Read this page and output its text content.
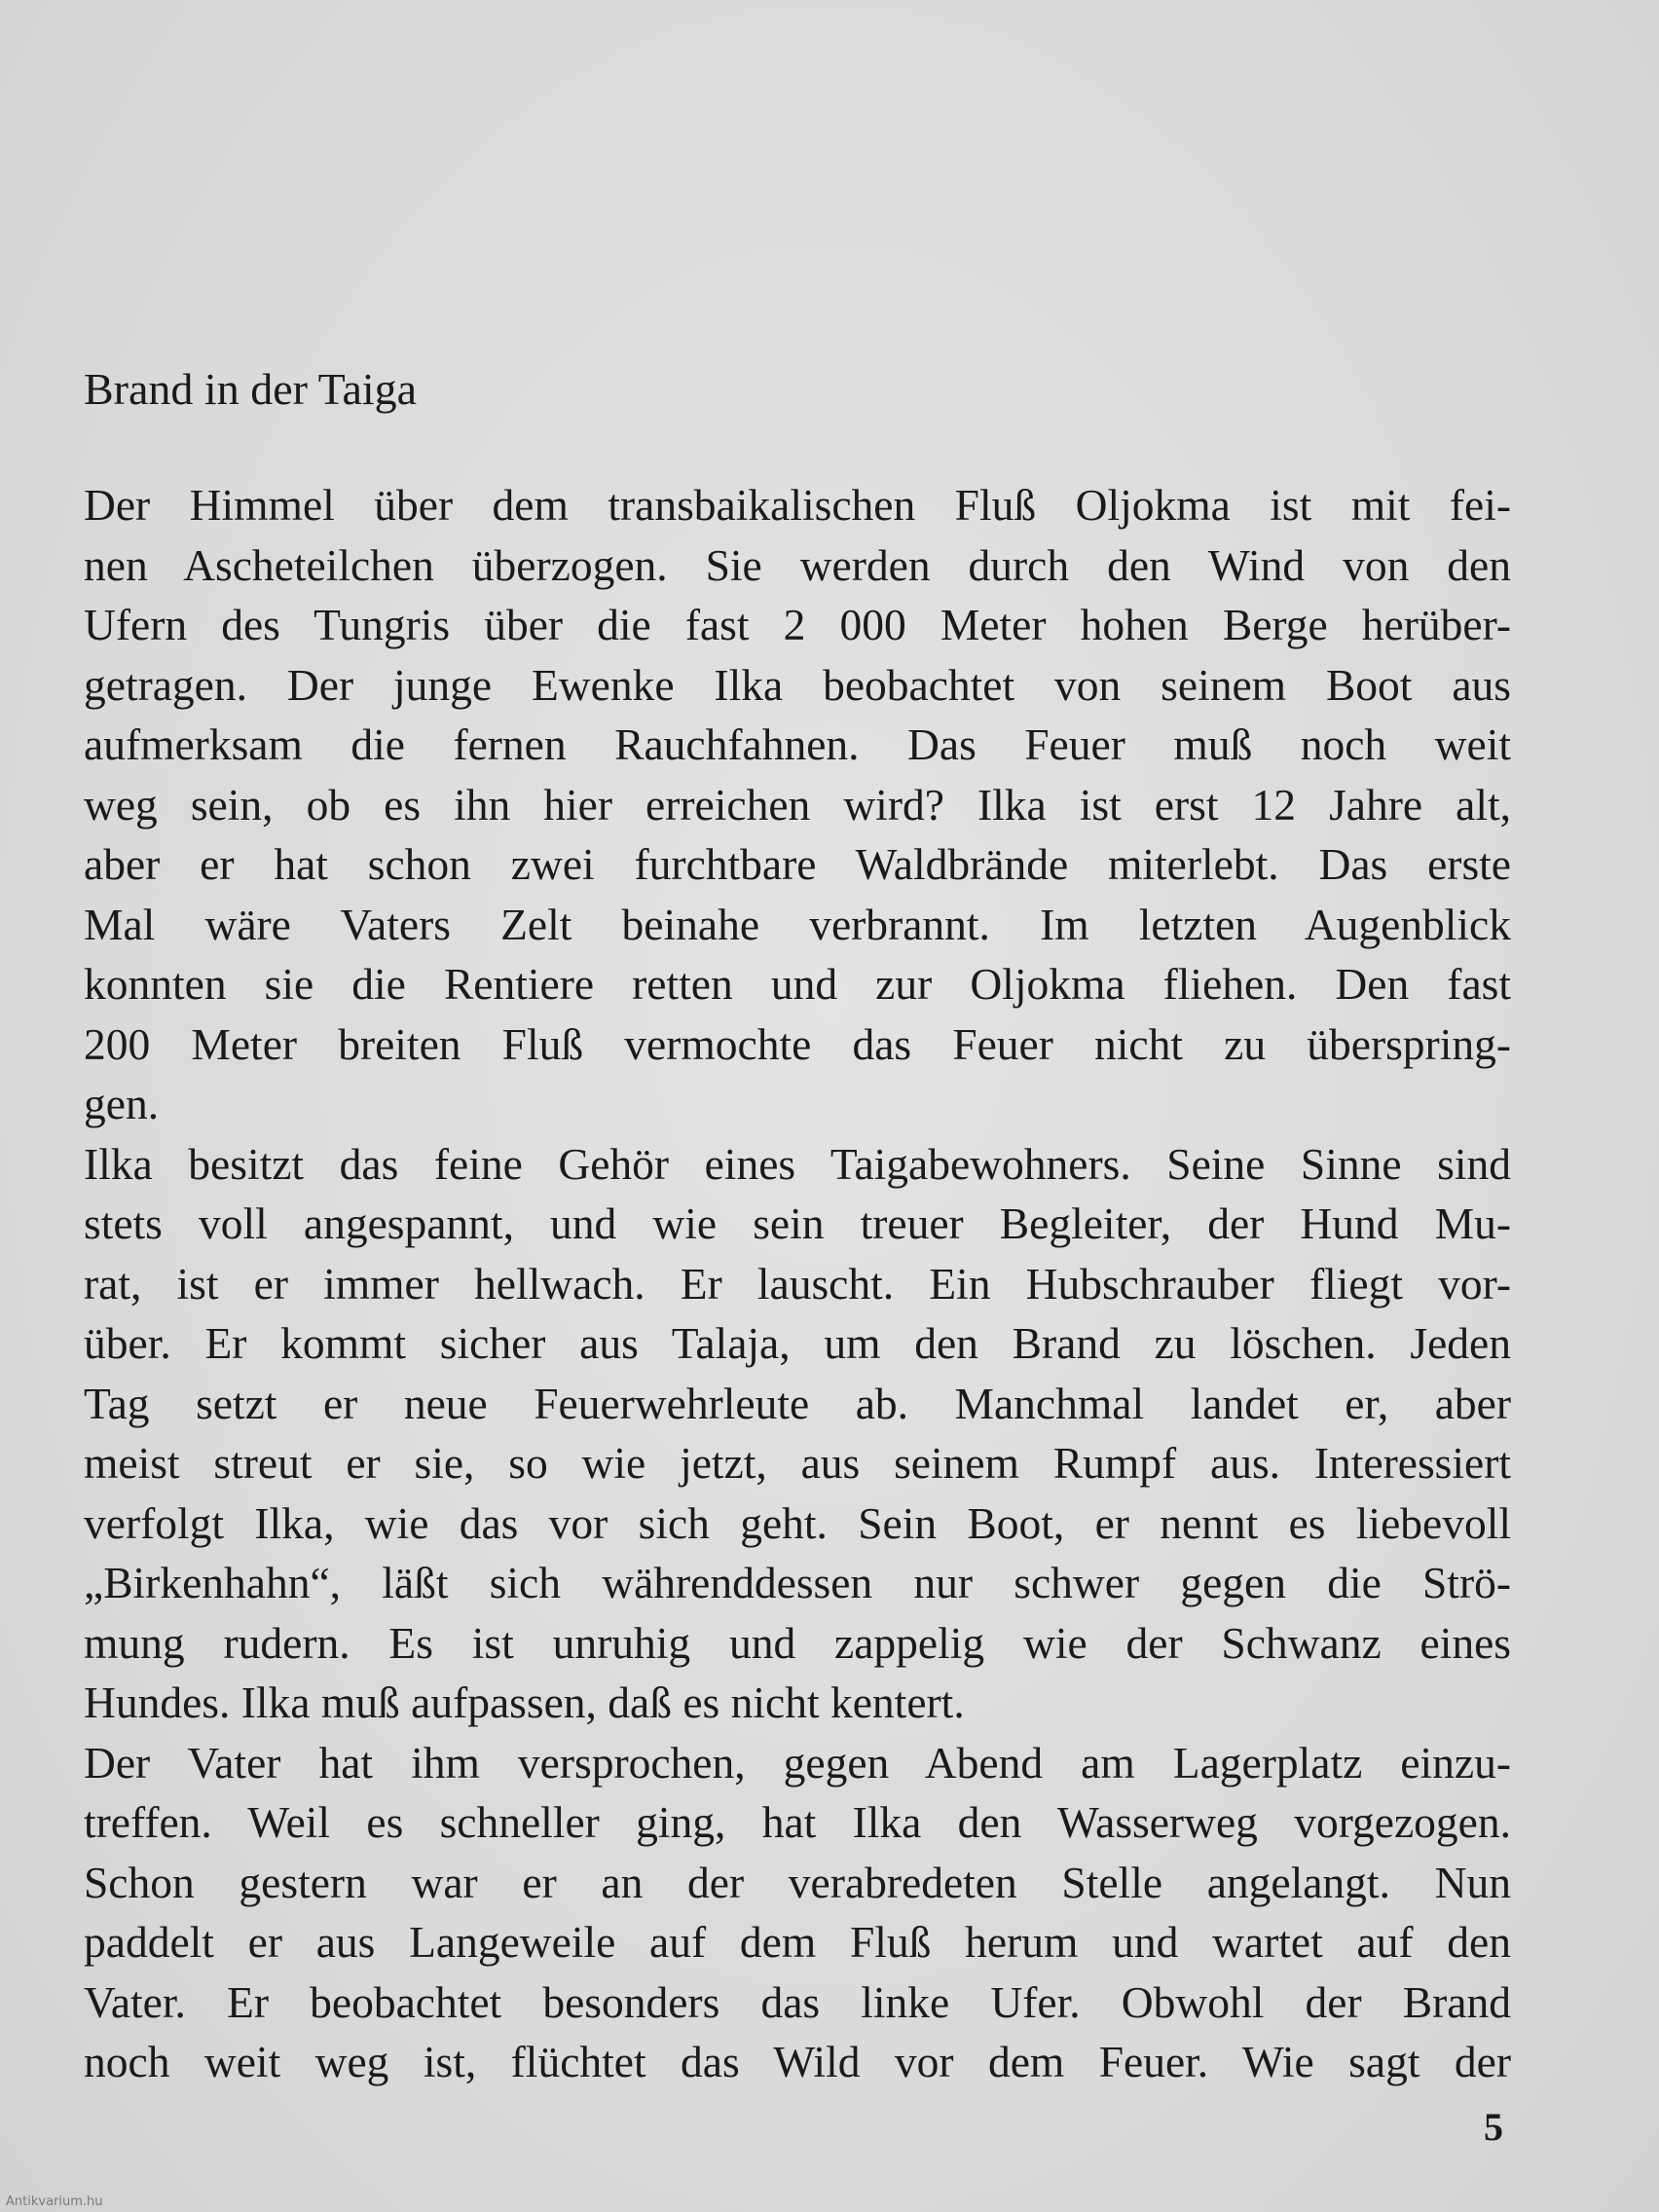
Brand in der Taiga
Der Himmel über dem transbaikalischen Fluß Oljokma ist mit fei-
nen Ascheteilchen überzogen. Sie werden durch den Wind von den
Ufern des Tungris über die fast 2 000 Meter hohen Berge herüber-
getragen. Der junge Ewenke Ilka beobachtet von seinem Boot aus
aufmerksam die fernen Rauchfahnen. Das Feuer muß noch weit
weg sein, ob es ihn hier erreichen wird? Ilka ist erst 12 Jahre alt,
aber er hat schon zwei furchtbare Waldbrände miterlebt. Das erste
Mal wäre Vaters Zelt beinahe verbrannt. Im letzten Augenblick
konnten sie die Rentiere retten und zur Oljokma fliehen. Den fast
200 Meter breiten Fluß vermochte das Feuer nicht zu überspring-
gen.
Ilka besitzt das feine Gehör eines Taigabewohners. Seine Sinne sind
stets voll angespannt, und wie sein treuer Begleiter, der Hund Mu-
rat, ist er immer hellwach. Er lauscht. Ein Hubschrauber fliegt vor-
über. Er kommt sicher aus Talaja, um den Brand zu löschen. Jeden
Tag setzt er neue Feuerwehrleute ab. Manchmal landet er, aber
meist streut er sie, so wie jetzt, aus seinem Rumpf aus. Interessiert
verfolgt Ilka, wie das vor sich geht. Sein Boot, er nennt es liebevoll
„Birkenhahn“, läßt sich währenddessen nur schwer gegen die Strö-
mung rudern. Es ist unruhig und zappelig wie der Schwanz eines
Hundes. Ilka muß aufpassen, daß es nicht kentert.
Der Vater hat ihm versprochen, gegen Abend am Lagerplatz einzu-
treffen. Weil es schneller ging, hat Ilka den Wasserweg vorgezogen.
Schon gestern war er an der verabredeten Stelle angelangt. Nun
paddelt er aus Langeweile auf dem Fluß herum und wartet auf den
Vater. Er beobachtet besonders das linke Ufer. Obwohl der Brand
noch weit weg ist, flüchtet das Wild vor dem Feuer. Wie sagt der
5
Antikvarium.hu
